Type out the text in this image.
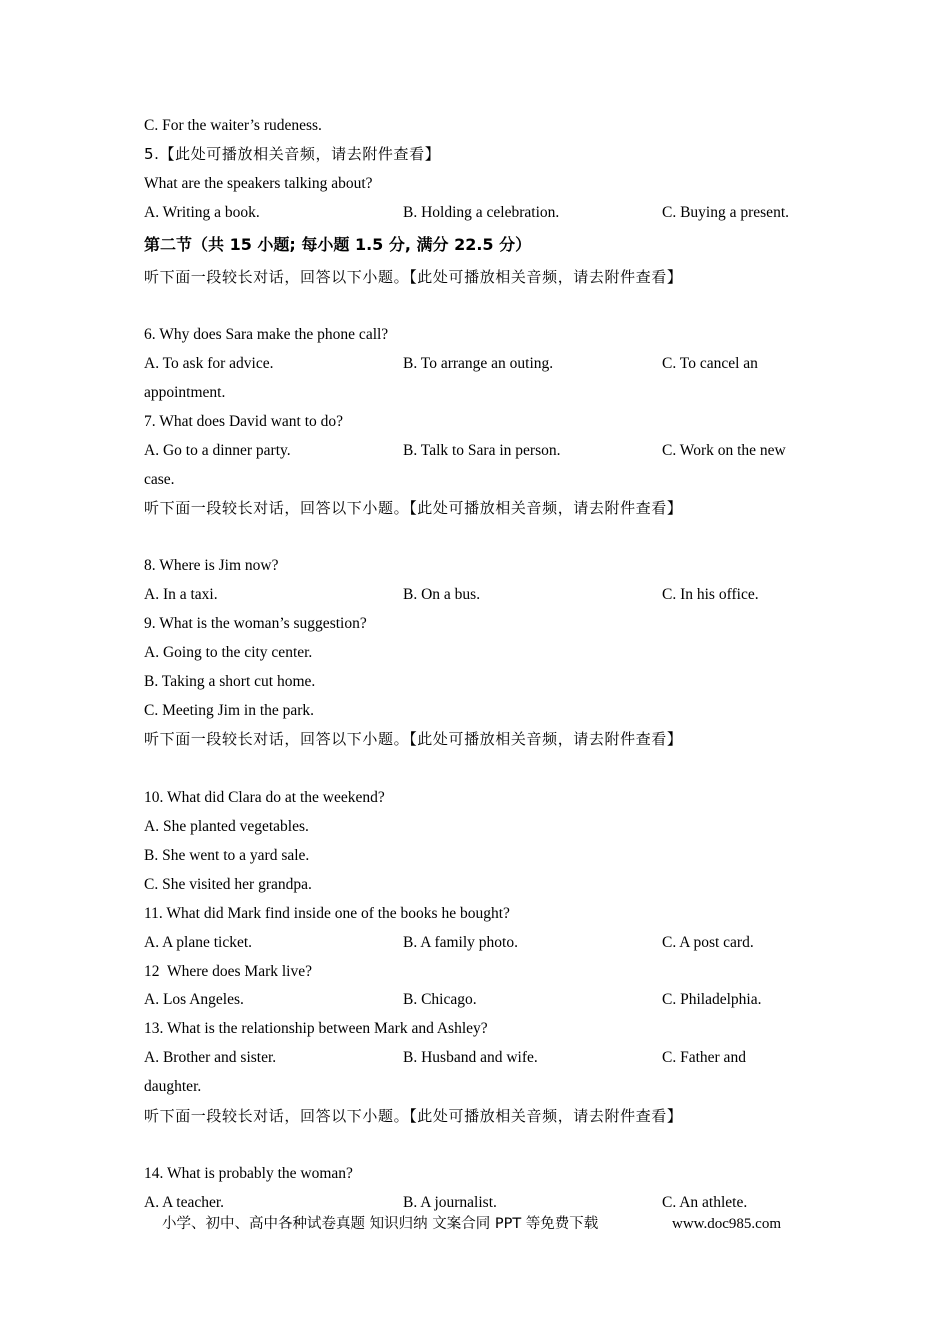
C. For the waiter’s rudeness.
5.【此处可播放相关音频，请去附件查看】
What are the speakers talking about?
A. Writing a book.	B. Holding a celebration.	C. Buying a present.
第二节（共 15 小题; 每小题 1.5 分, 满分 22.5 分）
听下面一段较长对话，回答以下小题。【此处可播放相关音频，请去附件查看】
6. Why does Sara make the phone call?
A. To ask for advice.	B. To arrange an outing.	C. To cancel an
appointment.
7. What does David want to do?
A. Go to a dinner party.	B. Talk to Sara in person.	C. Work on the new
case.
听下面一段较长对话，回答以下小题。【此处可播放相关音频，请去附件查看】
8. Where is Jim now?
A. In a taxi.	B. On a bus.	C. In his office.
9. What is the woman’s suggestion?
A. Going to the city center.
B. Taking a short cut home.
C. Meeting Jim in the park.
听下面一段较长对话，回答以下小题。【此处可播放相关音频，请去附件查看】
10. What did Clara do at the weekend?
A. She planted vegetables.
B. She went to a yard sale.
C. She visited her grandpa.
11. What did Mark find inside one of the books he bought?
A. A plane ticket.	B. A family photo.	C. A post card.
12  Where does Mark live?
A. Los Angeles.	B. Chicago.	C. Philadelphia.
13. What is the relationship between Mark and Ashley?
A. Brother and sister.	B. Husband and wife.	C. Father and
daughter.
听下面一段较长对话，回答以下小题。【此处可播放相关音频，请去附件查看】
14. What is probably the woman?
A. A teacher.	B. A journalist.	C. An athlete.
小学、初中、高中各种试卷真题 知识归纳 文案合同 PPT 等免费下载	www.doc985.com
